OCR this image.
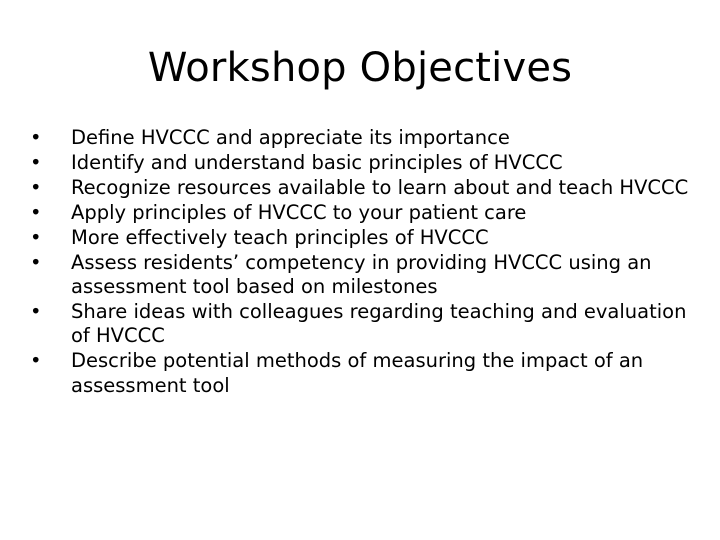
Workshop Objectives
•	Define HVCCC and appreciate its importance
•	Identify and understand basic principles of HVCCC
•	Recognize resources available to learn about and teach HVCCC
•	Apply principles of HVCCC to your patient care
•	More effectively teach principles of HVCCC
•	Assess residents’ competency in providing HVCCC using an assessment tool based on milestones
•	Share ideas with colleagues regarding teaching and evaluation of HVCCC
•	Describe potential methods of measuring the impact of an assessment tool
